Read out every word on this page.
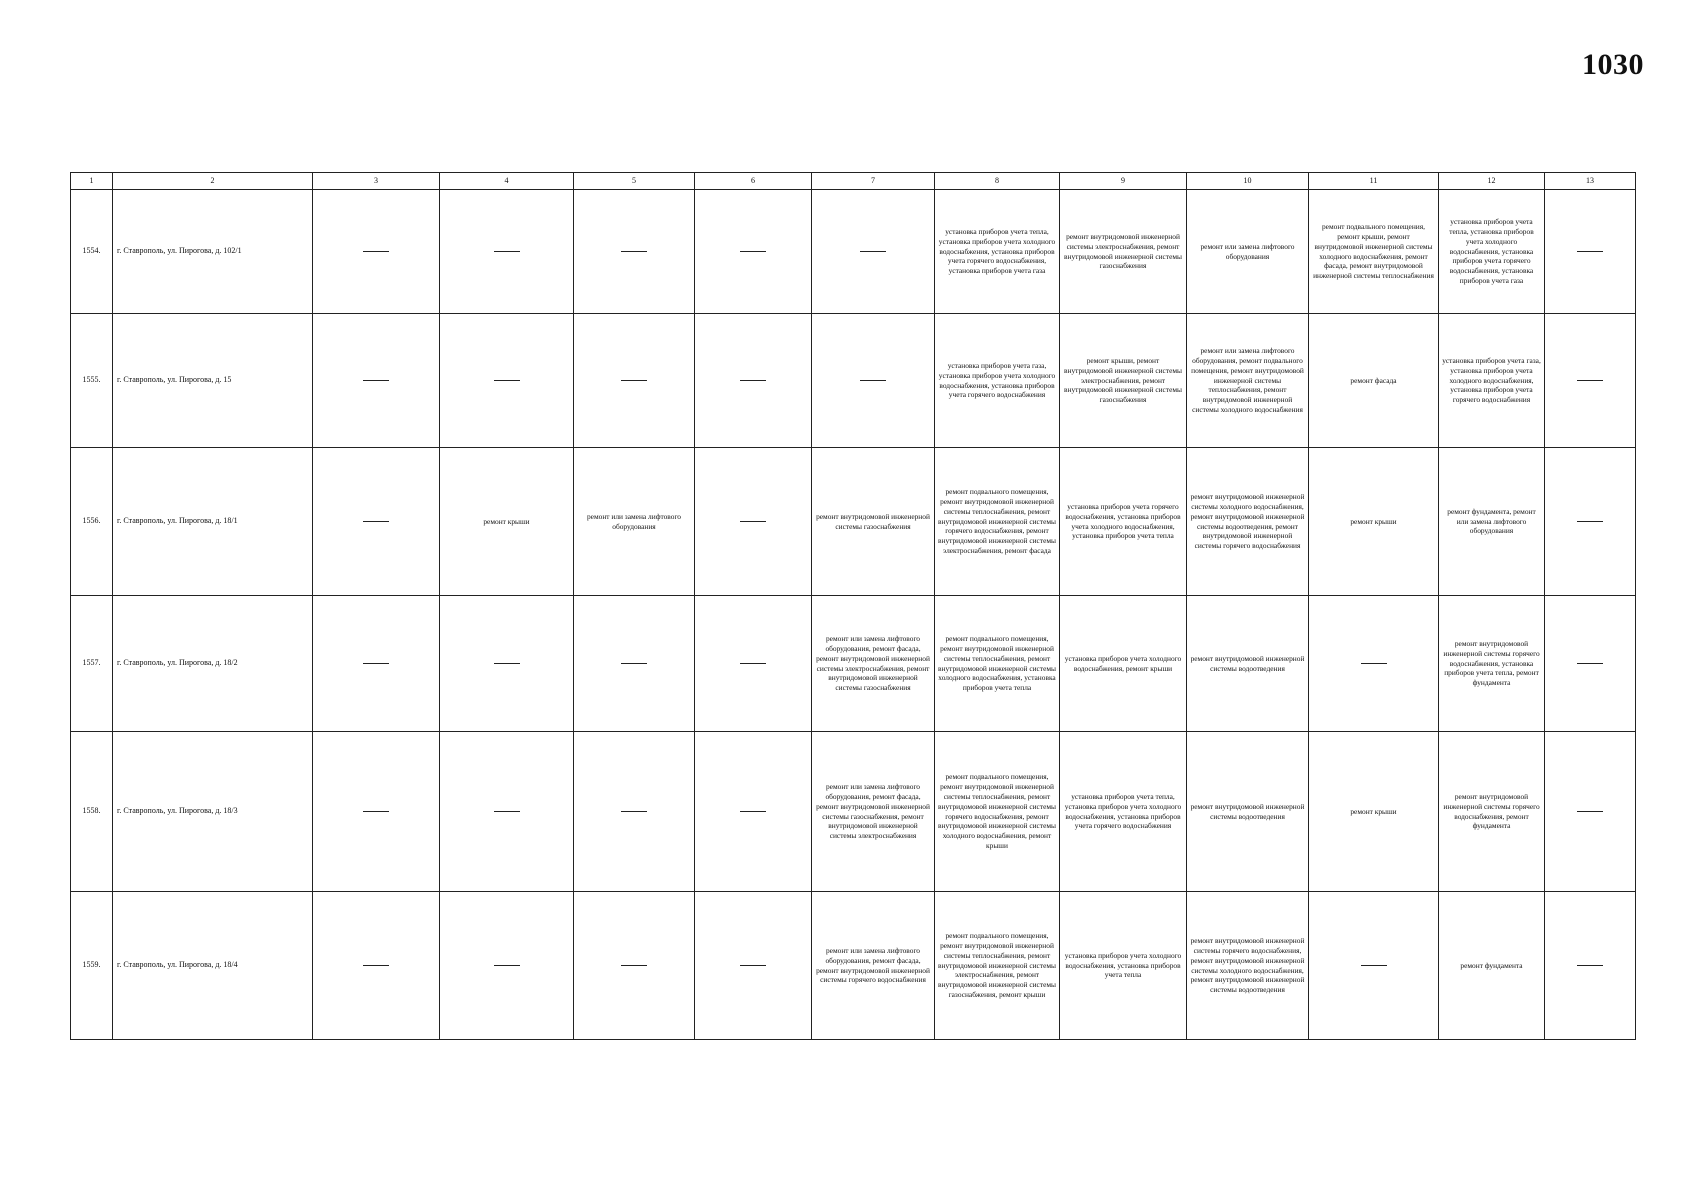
1030
1	2	3	4	5	6	7	8	9	10	11	12	13
1554.	г. Ставрополь, ул. Пирогова, д. 102/1						установка приборов учета тепла, установка приборов учета холодного водоснабжения, установка приборов учета горячего водоснабжения, установка приборов учета газа	ремонт внутридомовой инженерной системы электроснабжения, ремонт внутридомовой инженерной системы газоснабжения	ремонт или замена лифтового оборудования	ремонт подвального помещения, ремонт крыши, ремонт внутридомовой инженерной системы холодного водоснабжения, ремонт фасада, ремонт внутридомовой инженерной системы теплоснабжения	установка приборов учета тепла, установка приборов учета холодного водоснабжения, установка приборов учета горячего водоснабжения, установка приборов учета газа	
1555.	г. Ставрополь, ул. Пирогова, д. 15						установка приборов учета газа, установка приборов учета холодного водоснабжения, установка приборов учета горячего водоснабжения	ремонт крыши, ремонт внутридомовой инженерной системы электроснабжения, ремонт внутридомовой инженерной системы газоснабжения	ремонт или замена лифтового оборудования, ремонт подвального помещения, ремонт внутридомовой инженерной системы теплоснабжения, ремонт внутридомовой инженерной системы холодного водоснабжения	ремонт фасада	установка приборов учета газа, установка приборов учета холодного водоснабжения, установка приборов учета горячего водоснабжения	
1556.	г. Ставрополь, ул. Пирогова, д. 18/1		ремонт крыши	ремонт или замена лифтового оборудования		ремонт внутридомовой инженерной системы газоснабжения	ремонт подвального помещения, ремонт внутридомовой инженерной системы теплоснабжения, ремонт внутридомовой инженерной системы горячего водоснабжения, ремонт внутридомовой инженерной системы электроснабжения, ремонт фасада	установка приборов учета горячего водоснабжения, установка приборов учета холодного водоснабжения, установка приборов учета тепла	ремонт внутридомовой инженерной системы холодного водоснабжения, ремонт внутридомовой инженерной системы водоотведения, ремонт внутридомовой инженерной системы горячего водоснабжения	ремонт крыши	ремонт фундамента, ремонт или замена лифтового оборудования	
1557.	г. Ставрополь, ул. Пирогова, д. 18/2					ремонт или замена лифтового оборудования, ремонт фасада, ремонт внутридомовой инженерной системы электроснабжения, ремонт внутридомовой инженерной системы газоснабжения	ремонт подвального помещения, ремонт внутридомовой инженерной системы теплоснабжения, ремонт внутридомовой инженерной системы холодного водоснабжения, установка приборов учета тепла	установка приборов учета холодного водоснабжения, ремонт крыши	ремонт внутридомовой инженерной системы водоотведения		ремонт внутридомовой инженерной системы горячего водоснабжения, установка приборов учета тепла, ремонт фундамента	
1558.	г. Ставрополь, ул. Пирогова, д. 18/3					ремонт или замена лифтового оборудования, ремонт фасада, ремонт внутридомовой инженерной системы газоснабжения, ремонт внутридомовой инженерной системы электроснабжения	ремонт подвального помещения, ремонт внутридомовой инженерной системы теплоснабжения, ремонт внутридомовой инженерной системы горячего водоснабжения, ремонт внутридомовой инженерной системы холодного водоснабжения, ремонт крыши	установка приборов учета тепла, установка приборов учета холодного водоснабжения, установка приборов учета горячего водоснабжения	ремонт внутридомовой инженерной системы водоотведения	ремонт крыши	ремонт внутридомовой инженерной системы горячего водоснабжения, ремонт фундамента	
1559.	г. Ставрополь, ул. Пирогова, д. 18/4					ремонт или замена лифтового оборудования, ремонт фасада, ремонт внутридомовой инженерной системы горячего водоснабжения	ремонт подвального помещения, ремонт внутридомовой инженерной системы теплоснабжения, ремонт внутридомовой инженерной системы электроснабжения, ремонт внутридомовой инженерной системы газоснабжения, ремонт крыши	установка приборов учета холодного водоснабжения, установка приборов учета тепла	ремонт внутридомовой инженерной системы горячего водоснабжения, ремонт внутридомовой инженерной системы холодного водоснабжения, ремонт внутридомовой инженерной системы водоотведения		ремонт фундамента	
